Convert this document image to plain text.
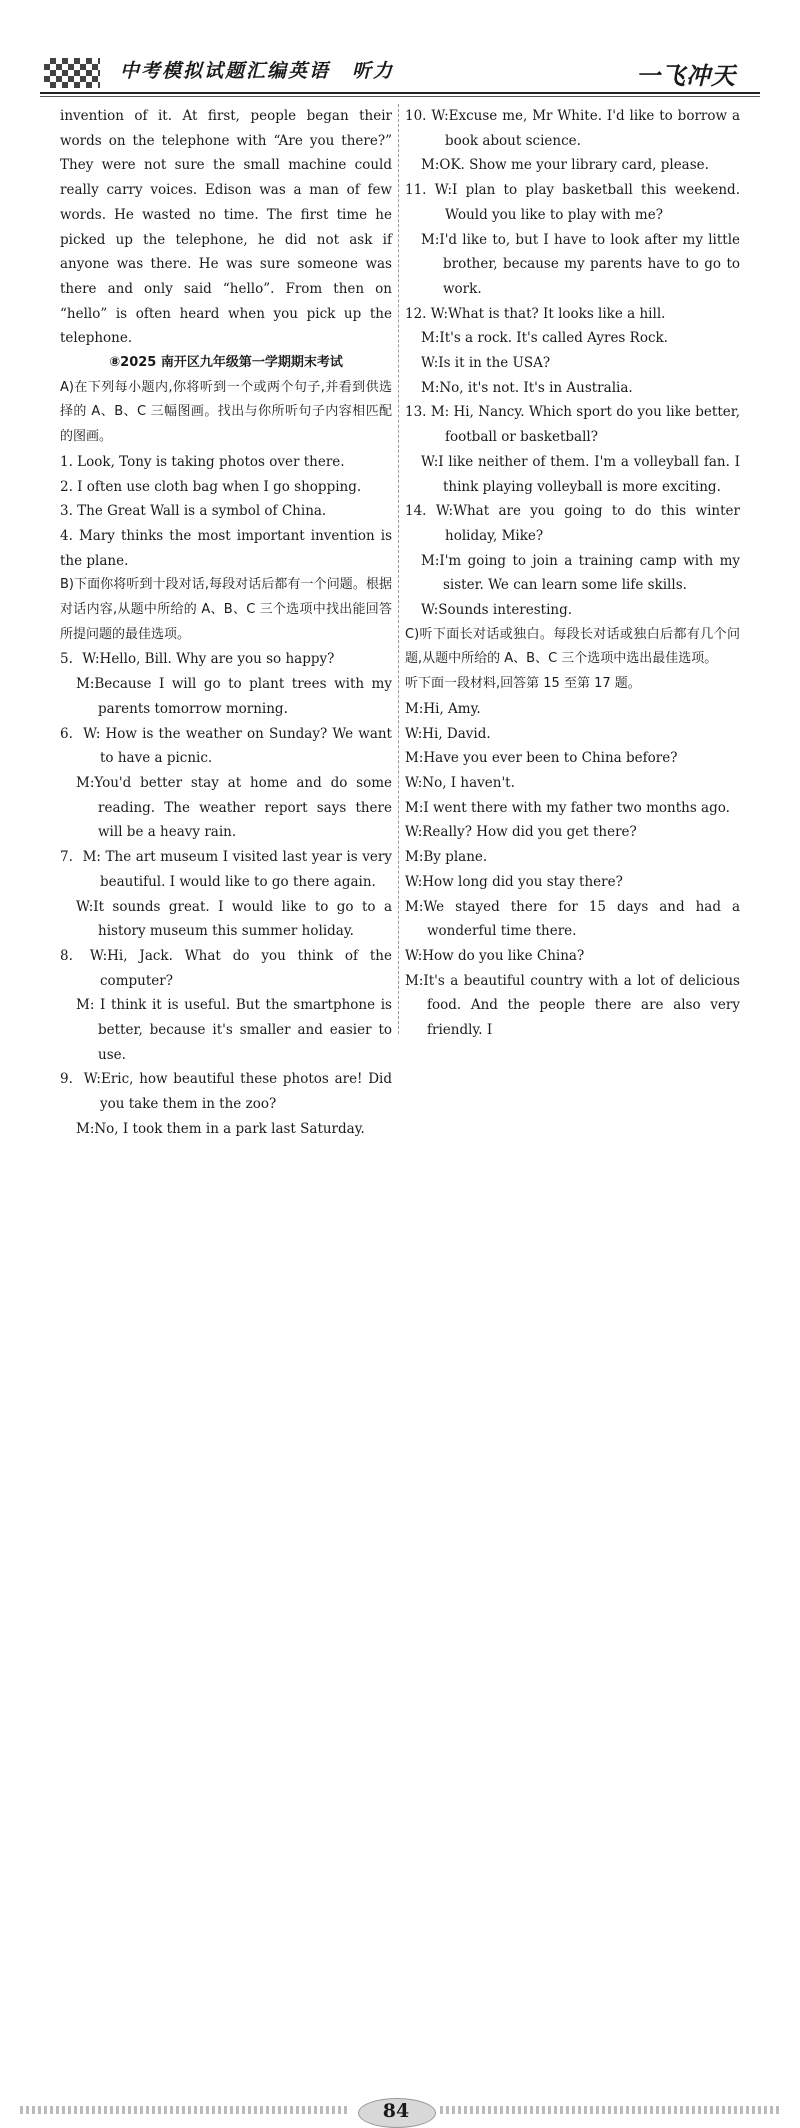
中考模拟试题汇编英语 听力	一飞冲天
invention of it. At first, people began their words on the telephone with “Are you there?” They were not sure the small machine could really carry voices. Edison was a man of few words. He wasted no time. The first time he picked up the telephone, he did not ask if anyone was there. He was sure someone was there and only said “hello”. From then on “hello” is often heard when you pick up the telephone.
⑧2025 南开区九年级第一学期期末考试
A)在下列每小题内,你将听到一个或两个句子,并看到供选择的 A、B、C 三幅图画。找出与你所听句子内容相匹配的图画。
1. Look, Tony is taking photos over there.
2. I often use cloth bag when I go shopping.
3. The Great Wall is a symbol of China.
4. Mary thinks the most important invention is the plane.
B)下面你将听到十段对话,每段对话后都有一个问题。根据对话内容,从题中所给的 A、B、C 三个选项中找出能回答所提问题的最佳选项。
5. W:Hello, Bill. Why are you so happy?
M:Because I will go to plant trees with my parents tomorrow morning.
6. W: How is the weather on Sunday? We want to have a picnic.
M:You'd better stay at home and do some reading. The weather report says there will be a heavy rain.
7. M: The art museum I visited last year is very beautiful. I would like to go there again.
W:It sounds great. I would like to go to a history museum this summer holiday.
8. W:Hi, Jack. What do you think of the computer?
M: I think it is useful. But the smartphone is better, because it's smaller and easier to use.
9. W:Eric, how beautiful these photos are! Did you take them in the zoo?
M:No, I took them in a park last Saturday.
10. W:Excuse me, Mr White. I'd like to borrow a book about science.
M:OK. Show me your library card, please.
11. W:I plan to play basketball this weekend. Would you like to play with me?
M:I'd like to, but I have to look after my little brother, because my parents have to go to work.
12. W:What is that? It looks like a hill.
M:It's a rock. It's called Ayres Rock.
W:Is it in the USA?
M:No, it's not. It's in Australia.
13. M: Hi, Nancy. Which sport do you like better, football or basketball?
W:I like neither of them. I'm a volleyball fan. I think playing volleyball is more exciting.
14. W:What are you going to do this winter holiday, Mike?
M:I'm going to join a training camp with my sister. We can learn some life skills.
W:Sounds interesting.
C)听下面长对话或独白。每段长对话或独白后都有几个问题,从题中所给的 A、B、C 三个选项中选出最佳选项。
听下面一段材料,回答第 15 至第 17 题。
M:Hi, Amy.
W:Hi, David.
M:Have you ever been to China before?
W:No, I haven't.
M:I went there with my father two months ago.
W:Really? How did you get there?
M:By plane.
W:How long did you stay there?
M:We stayed there for 15 days and had a wonderful time there.
W:How do you like China?
M:It's a beautiful country with a lot of delicious food. And the people there are also very friendly. I
84
